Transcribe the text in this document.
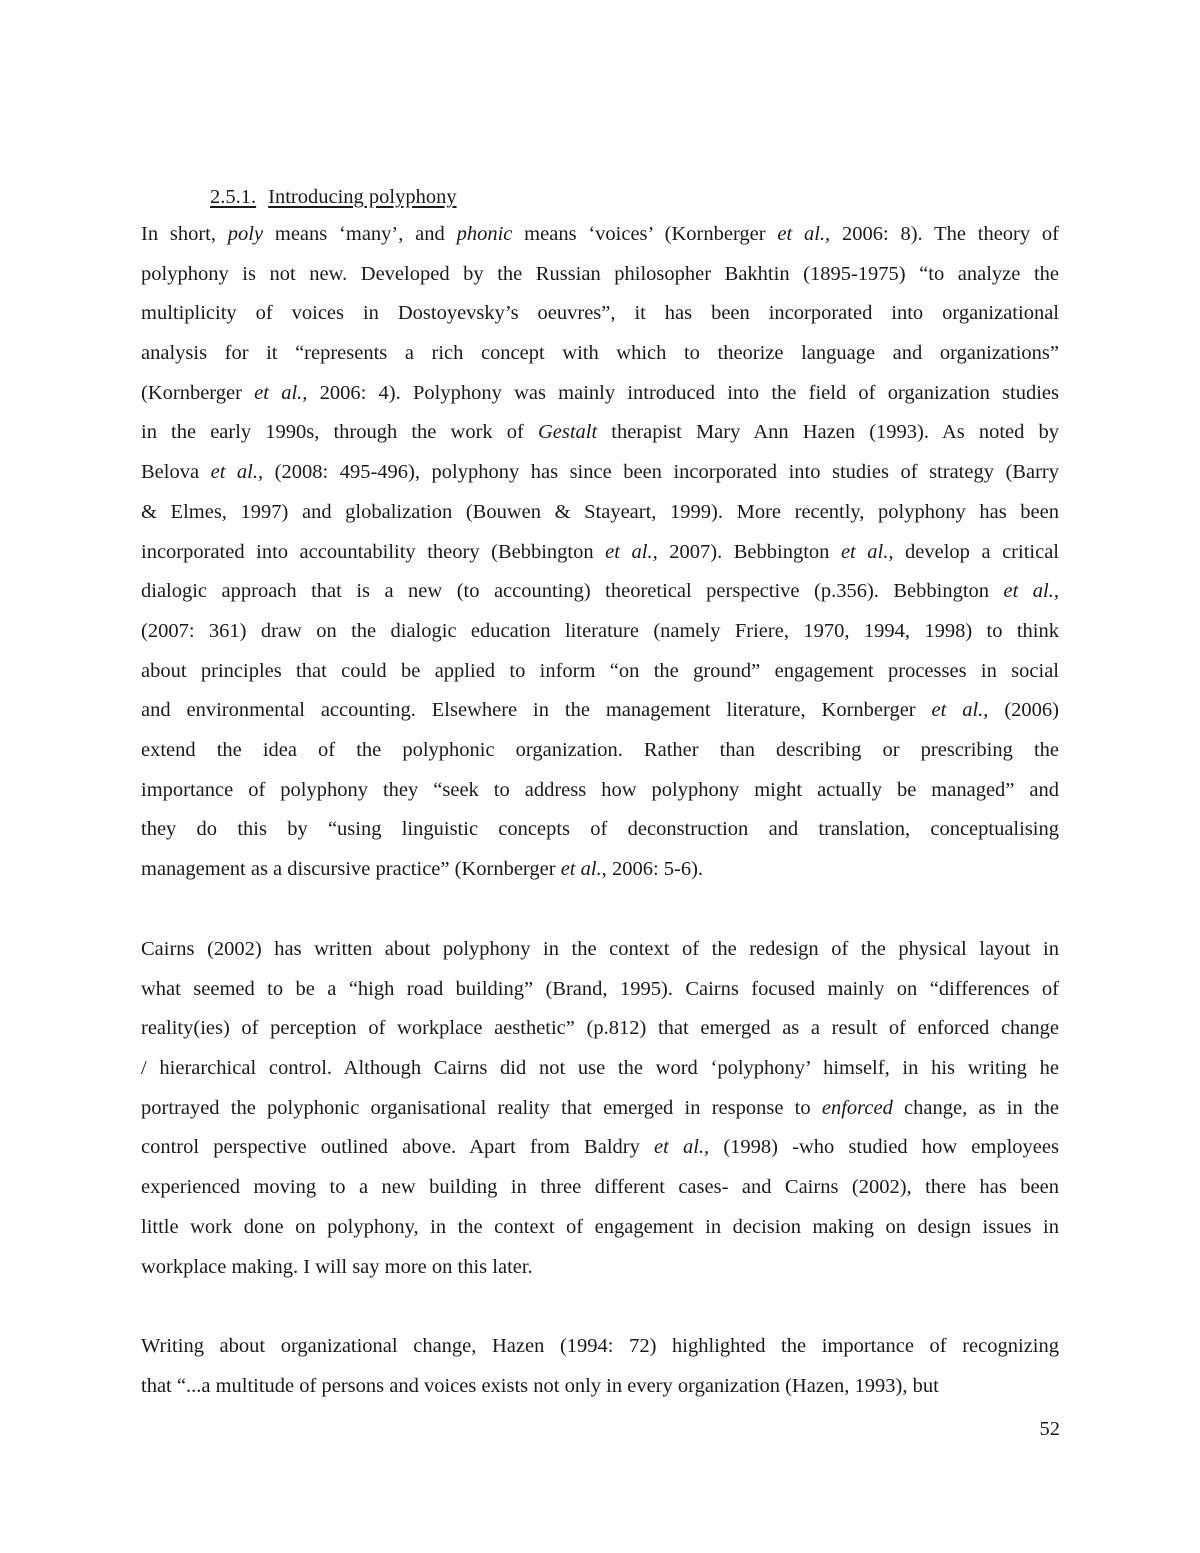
2.5.1. Introducing polyphony
In short, poly means ‘many’, and phonic means ‘voices’ (Kornberger et al., 2006: 8). The theory of
polyphony is not new. Developed by the Russian philosopher Bakhtin (1895-1975) “to analyze the
multiplicity of voices in Dostoyevsky’s oeuvres”, it has been incorporated into organizational
analysis for it “represents a rich concept with which to theorize language and organizations”
(Kornberger et al., 2006: 4). Polyphony was mainly introduced into the field of organization studies
in the early 1990s, through the work of Gestalt therapist Mary Ann Hazen (1993). As noted by
Belova et al., (2008: 495-496), polyphony has since been incorporated into studies of strategy (Barry
& Elmes, 1997) and globalization (Bouwen & Stayeart, 1999). More recently, polyphony has been
incorporated into accountability theory (Bebbington et al., 2007). Bebbington et al., develop a critical
dialogic approach that is a new (to accounting) theoretical perspective (p.356). Bebbington et al.,
(2007: 361) draw on the dialogic education literature (namely Friere, 1970, 1994, 1998) to think
about principles that could be applied to inform “on the ground” engagement processes in social
and environmental accounting. Elsewhere in the management literature, Kornberger et al., (2006)
extend the idea of the polyphonic organization. Rather than describing or prescribing the
importance of polyphony they “seek to address how polyphony might actually be managed” and
they do this by “using linguistic concepts of deconstruction and translation, conceptualising
management as a discursive practice” (Kornberger et al., 2006: 5-6).
Cairns (2002) has written about polyphony in the context of the redesign of the physical layout in
what seemed to be a “high road building” (Brand, 1995). Cairns focused mainly on “differences of
reality(ies) of perception of workplace aesthetic” (p.812) that emerged as a result of enforced change
/ hierarchical control. Although Cairns did not use the word ‘polyphony’ himself, in his writing he
portrayed the polyphonic organisational reality that emerged in response to enforced change, as in the
control perspective outlined above. Apart from Baldry et al., (1998) -who studied how employees
experienced moving to a new building in three different cases- and Cairns (2002), there has been
little work done on polyphony, in the context of engagement in decision making on design issues in
workplace making. I will say more on this later.
Writing about organizational change, Hazen (1994: 72) highlighted the importance of recognizing
that “...a multitude of persons and voices exists not only in every organization (Hazen, 1993), but
52
